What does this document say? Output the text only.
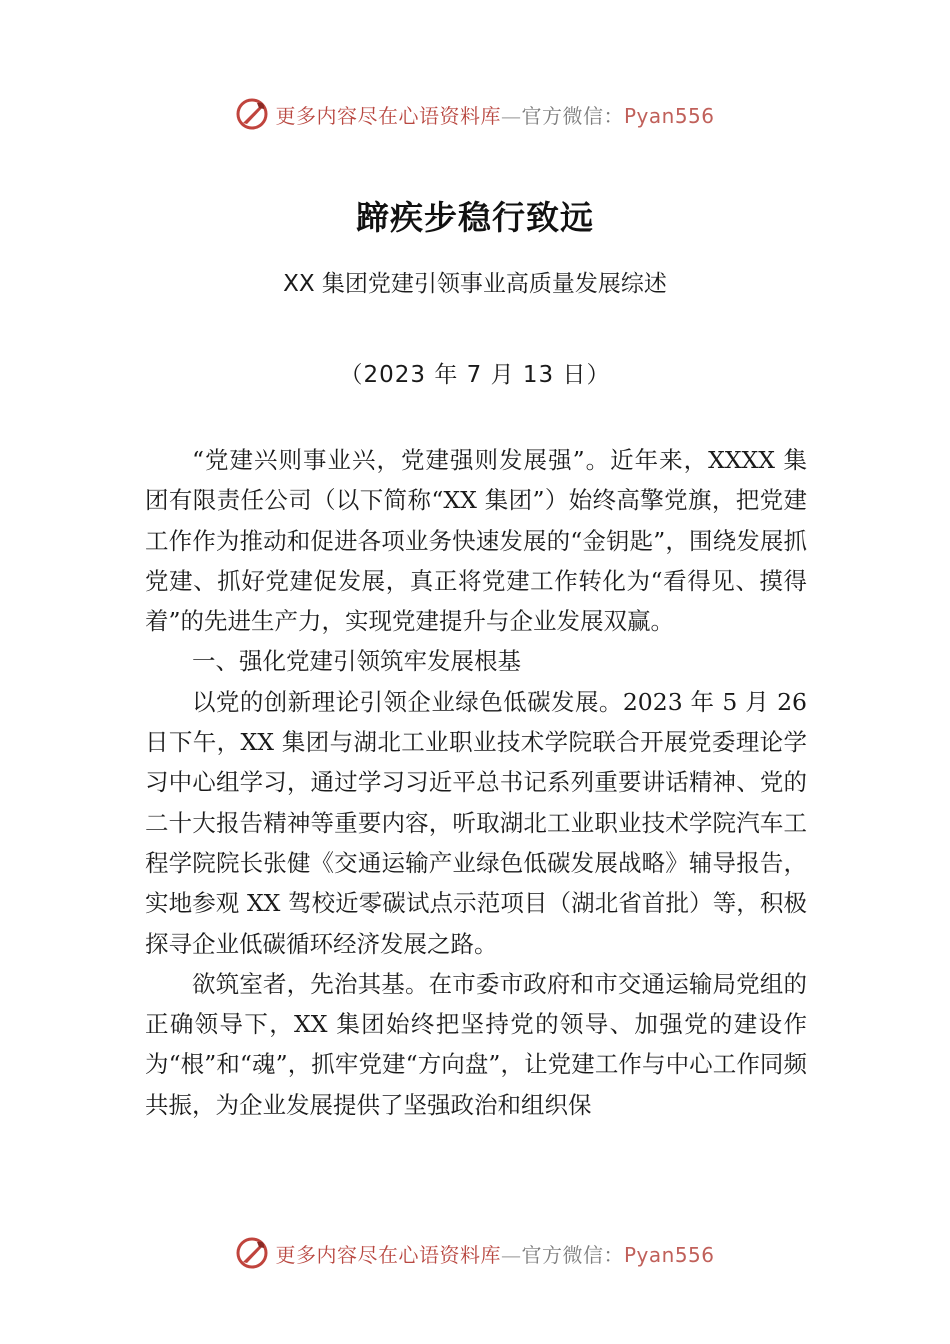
更多内容尽在心语资料库—官方微信：Pyan556
蹄疾步稳行致远
XX 集团党建引领事业高质量发展综述
（2023 年 7 月 13 日）

“党建兴则事业兴，党建强则发展强”。近年来，XXXX 集团有限责任公司（以下简称“XX 集团”）始终高擎党旗，把党建工作作为推动和促进各项业务快速发展的“金钥匙”，围绕发展抓党建、抓好党建促发展，真正将党建工作转化为“看得见、摸得着”的先进生产力，实现党建提升与企业发展双赢。

一、强化党建引领筑牢发展根基

以党的创新理论引领企业绿色低碳发展。2023 年 5 月 26 日下午，XX 集团与湖北工业职业技术学院联合开展党委理论学习中心组学习，通过学习习近平总书记系列重要讲话精神、党的二十大报告精神等重要内容，听取湖北工业职业技术学院汽车工程学院院长张健《交通运输产业绿色低碳发展战略》辅导报告，实地参观 XX 驾校近零碳试点示范项目（湖北省首批）等，积极探寻企业低碳循环经济发展之路。

欲筑室者，先治其基。在市委市政府和市交通运输局党组的正确领导下，XX 集团始终把坚持党的领导、加强党的建设作为“根”和“魂”，抓牢党建“方向盘”，让党建工作与中心工作同频共振，为企业发展提供了坚强政治和组织保

更多内容尽在心语资料库—官方微信：Pyan556
